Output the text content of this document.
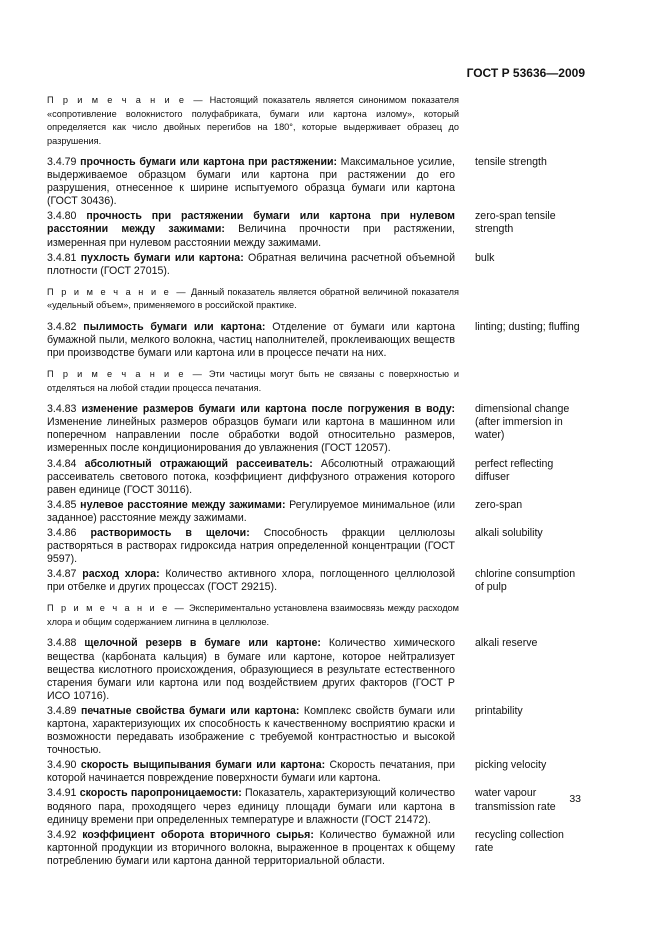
ГОСТ Р 53636—2009

П р и м е ч а н и е — Настоящий показатель является синонимом показателя «сопротивление волокнистого полуфабриката, бумаги или картона излому», который определяется как число двойных перегибов на 180°, которые выдерживает образец до разрушения.

3.4.79 прочность бумаги или картона при растяжении: Максимальное усилие, выдерживаемое образцом бумаги или картона при растяжении до его разрушения, отнесенное к ширине испытуемого образца бумаги или картона (ГОСТ 30436).
tensile strength
3.4.80 прочность при растяжении бумаги или картона при нулевом расстоянии между зажимами: Величина прочности при растяжении, измеренная при нулевом расстоянии между зажимами.
zero-span tensile strength
3.4.81 пухлость бумаги или картона: Обратная величина расчетной объемной плотности (ГОСТ 27015).
bulk

П р и м е ч а н и е — Данный показатель является обратной величиной показателя «удельный объем», применяемого в российской практике.

3.4.82 пылимость бумаги или картона: Отделение от бумаги или картона бумажной пыли, мелкого волокна, частиц наполнителей, проклеивающих веществ при производстве бумаги или картона или в процессе печати на них.
linting; dusting; fluffing

П р и м е ч а н и е — Эти частицы могут быть не связаны с поверхностью и отделяться на любой стадии процесса печатания.

3.4.83 изменение размеров бумаги или картона после погружения в воду: Изменение линейных размеров образцов бумаги или картона в машинном или поперечном направлении после обработки водой относительно размеров, измеренных после кондиционирования до увлажнения (ГОСТ 12057).
dimensional change (after immersion in water)
3.4.84 абсолютный отражающий рассеиватель: Абсолютный отражающий рассеиватель светового потока, коэффициент диффузного отражения которого равен единице (ГОСТ 30116).
perfect reflecting diffuser
3.4.85 нулевое расстояние между зажимами: Регулируемое минимальное (или заданное) расстояние между зажимами.
zero-span
3.4.86 растворимость в щелочи: Способность фракции целлюлозы растворяться в растворах гидроксида натрия определенной концентрации (ГОСТ 9597).
alkali solubility
3.4.87 расход хлора: Количество активного хлора, поглощенного целлюлозой при отбелке и других процессах (ГОСТ 29215).
chlorine consumption of pulp

П р и м е ч а н и е — Экспериментально установлена взаимосвязь между расходом хлора и общим содержанием лигнина в целлюлозе.

3.4.88 щелочной резерв в бумаге или картоне: Количество химического вещества (карбоната кальция) в бумаге или картоне, которое нейтрализует вещества кислотного происхождения, образующиеся в результате естественного старения бумаги или картона или под воздействием других факторов (ГОСТ Р ИСО 10716).
alkali reserve
3.4.89 печатные свойства бумаги или картона: Комплекс свойств бумаги или картона, характеризующих их способность к качественному восприятию краски и возможности передавать изображение с требуемой контрастностью и высокой точностью.
printability
3.4.90 скорость выщипывания бумаги или картона: Скорость печатания, при которой начинается повреждение поверхности бумаги или картона.
picking velocity
3.4.91 скорость паропроницаемости: Показатель, характеризующий количество водяного пара, проходящего через единицу площади бумаги или картона в единицу времени при определенных температуре и влажности (ГОСТ 21472).
water vapour transmission rate
3.4.92 коэффициент оборота вторичного сырья: Количество бумажной или картонной продукции из вторичного волокна, выраженное в процентах к общему потреблению бумаги или картона данной территориальной области.
recycling collection rate
33
